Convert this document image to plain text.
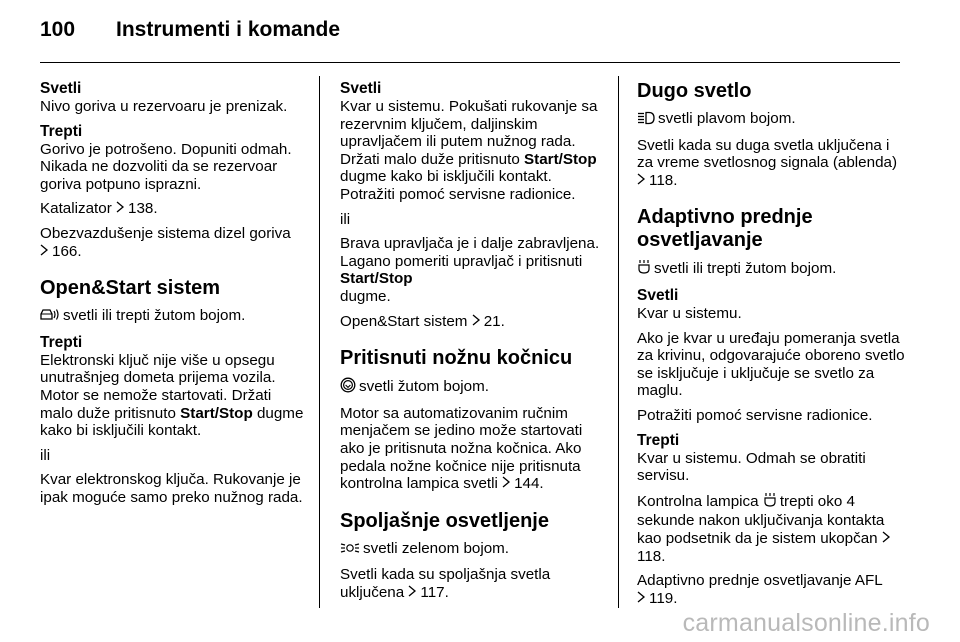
100	Instrumenti i komande
Svetli

Nivo goriva u rezervoaru je prenizak.

Trepti

Gorivo je potrošeno. Dopuniti odmah. Nikada ne dozvoliti da se rezervoar goriva potpuno isprazni.

Katalizator 138.

Obezvazdušenje sistema dizel goriva
166.

Open&Start sistem

svetli ili trepti žutom bojom.

Trepti

Elektronski ključ nije više u opsegu unutrašnjeg dometa prijema vozila. Motor se nemože startovati. Držati malo duže pritisnuto Start/Stop dugme kako bi isključili kontakt.

ili

Kvar elektronskog ključa. Rukovanje je ipak moguće samo preko nužnog rada.

Svetli

Kvar u sistemu. Pokušati rukovanje sa rezervnim ključem, daljinskim upravljačem ili putem nužnog rada. Držati malo duže pritisnuto Start/Stop dugme kako bi isključili kontakt. Potražiti pomoć servisne radionice.

ili

Brava upravljača je i dalje zabravljena. Lagano pomeriti upravljač i pritisnuti Start/Stop
dugme.

Open&Start sistem 21.

Pritisnuti nožnu kočnicu

svetli žutom bojom.

Motor sa automatizovanim ručnim menjačem se jedino može startovati ako je pritisnuta nožna kočnica. Ako pedala nožne kočnice nije pritisnuta kontrolna lampica svetli 144.

Spoljašnje osvetljenje

svetli zelenom bojom.

Svetli kada su spoljašnja svetla uključena 117.

Dugo svetlo

svetli plavom bojom.

Svetli kada su duga svetla uključena i za vreme svetlosnog signala (ablenda) 118.

Adaptivno prednje osvetljavanje

svetli ili trepti žutom bojom.

Svetli

Kvar u sistemu.

Ako je kvar u uređaju pomeranja svetla za krivinu, odgovarajuće oboreno svetlo se isključuje i uključuje se svetlo za maglu.

Potražiti pomoć servisne radionice.

Trepti

Kvar u sistemu. Odmah se obratiti servisu.

Kontrolna lampica trepti oko 4 sekunde nakon uključivanja kontakta kao podsetnik da je sistem ukopčan 118.

Adaptivno prednje osvetljavanje AFL
119.

carmanualsonline.info
